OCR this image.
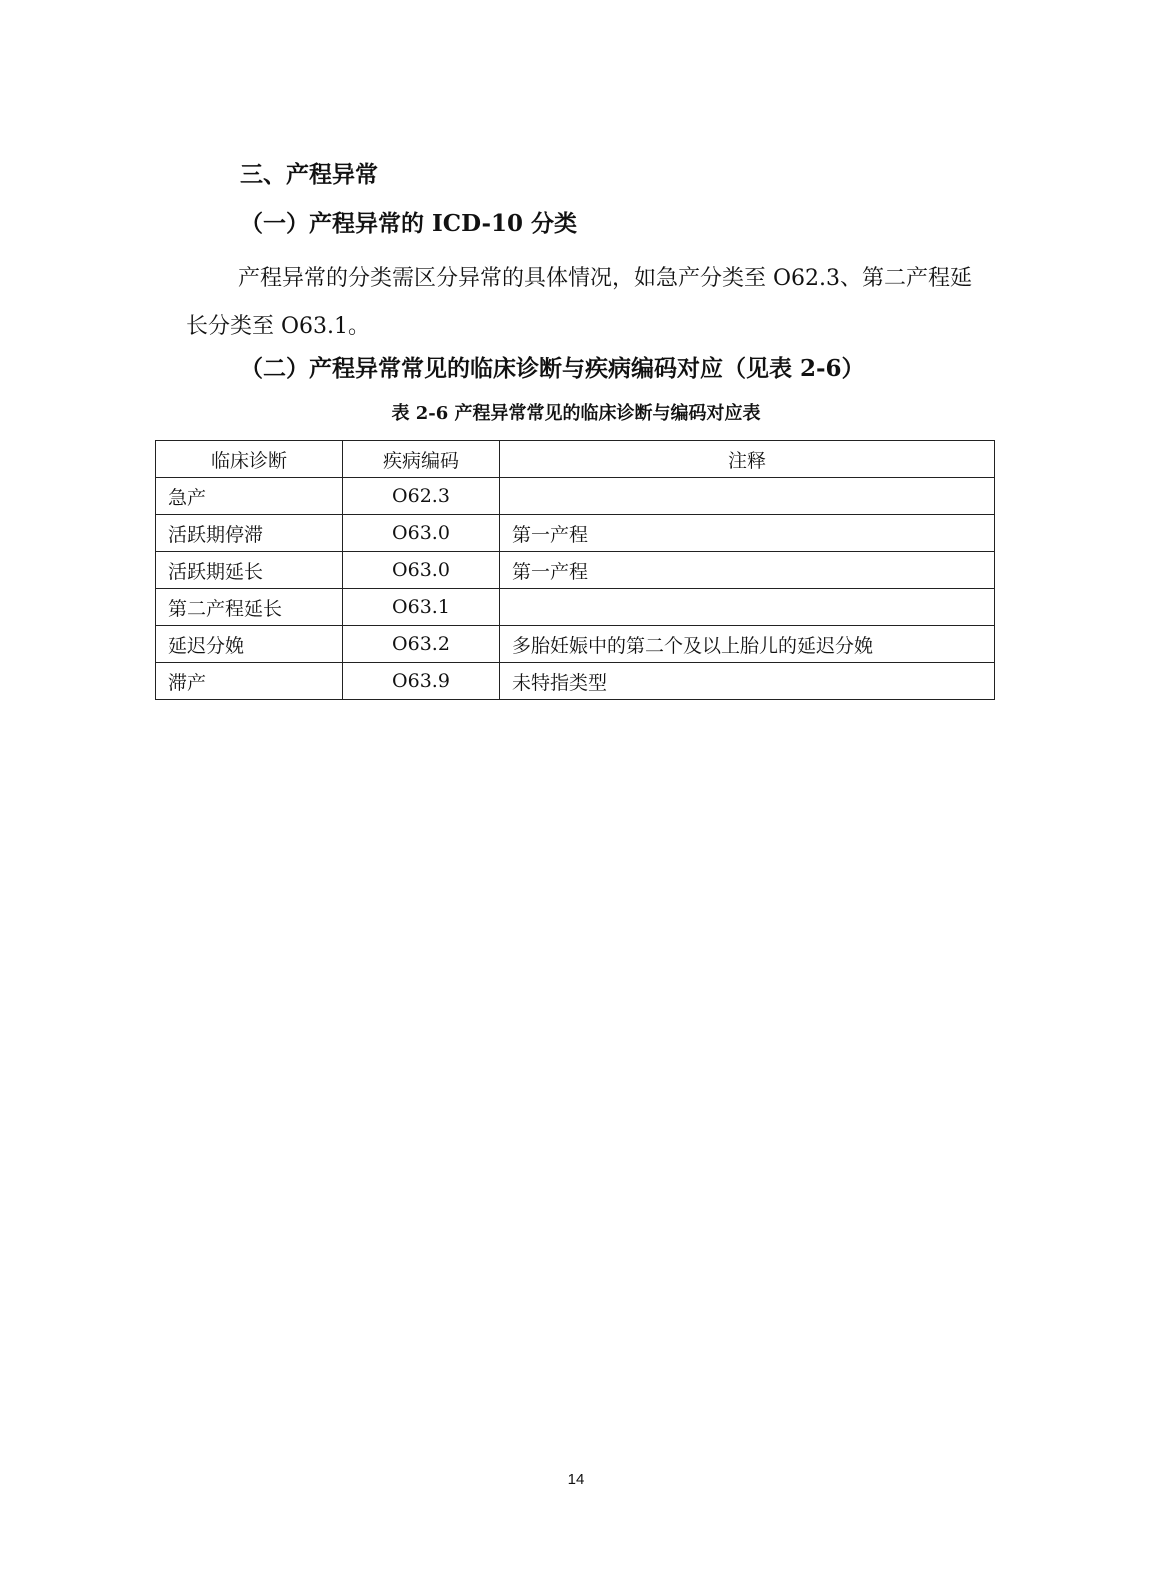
三、产程异常
（一）产程异常的 ICD-10 分类

产程异常的分类需区分异常的具体情况，如急产分类至 O62.3、第二产程延长分类至 O63.1。

（二）产程异常常见的临床诊断与疾病编码对应（见表 2-6）

表 2-6 产程异常常见的临床诊断与编码对应表

临床诊断	疾病编码	注释
急产	O62.3	
活跃期停滞	O63.0	第一产程
活跃期延长	O63.0	第一产程
第二产程延长	O63.1	
延迟分娩	O63.2	多胎妊娠中的第二个及以上胎儿的延迟分娩
滞产	O63.9	未特指类型
14
